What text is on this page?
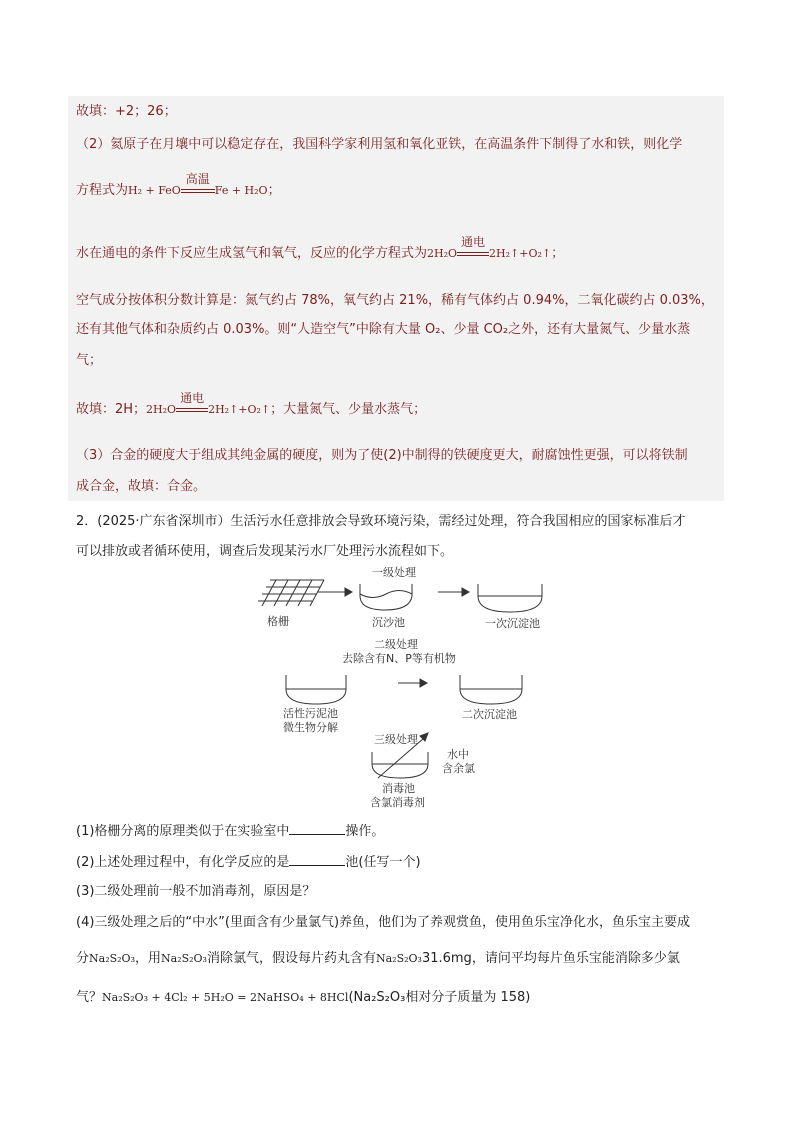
故填：+2；26；
（2）氦原子在月壤中可以稳定存在，我国科学家利用氢和氧化亚铁，在高温条件下制得了水和铁，则化学
方程式为H₂ + FeO
高温
Fe + H₂O；
水在通电的条件下反应生成氢气和氧气，反应的化学方程式为2H₂O
通电
2H₂↑+O₂↑；
空气成分按体积分数计算是：氮气约占 78%，氧气约占 21%，稀有气体约占 0.94%，二氧化碳约占 0.03%，
还有其他气体和杂质约占 0.03%。则“人造空气”中除有大量 O₂、少量 CO₂之外，还有大量氮气、少量水蒸
气；
故填：2H；2H₂O
通电
2H₂↑+O₂↑；大量氮气、少量水蒸气；
（3）合金的硬度大于组成其纯金属的硬度，则为了使(2)中制得的铁硬度更大，耐腐蚀性更强，可以将铁制
成合金，故填：合金。
2．(2025·广东省深圳市）生活污水任意排放会导致环境污染，需经过处理，符合我国相应的国家标准后才
可以排放或者循环使用，调查后发现某污水厂处理污水流程如下。
一级处理
格栅	沉沙池	一次沉淀池
二级处理
去除含有N、P等有机物
活性污泥池
微生物分解
二次沉淀池
三级处理
水中
含余氯
消毒池
含氯消毒剂
(1)格栅分离的原理类似于在实验室中	操作。
(2)上述处理过程中，有化学反应的是	池(任写一个)
(3)二级处理前一般不加消毒剂，原因是？
(4)三级处理之后的“中水”(里面含有少量氯气)养鱼，他们为了养观赏鱼，使用鱼乐宝净化水，鱼乐宝主要成
分Na₂S₂O₃，用Na₂S₂O₃消除氯气，假设每片药丸含有Na₂S₂O₃31.6mg，请问平均每片鱼乐宝能消除多少氯
气？Na₂S₂O₃ + 4Cl₂ + 5H₂O = 2NaHSO₄ + 8HCl(Na₂S₂O₃相对分子质量为 158)
